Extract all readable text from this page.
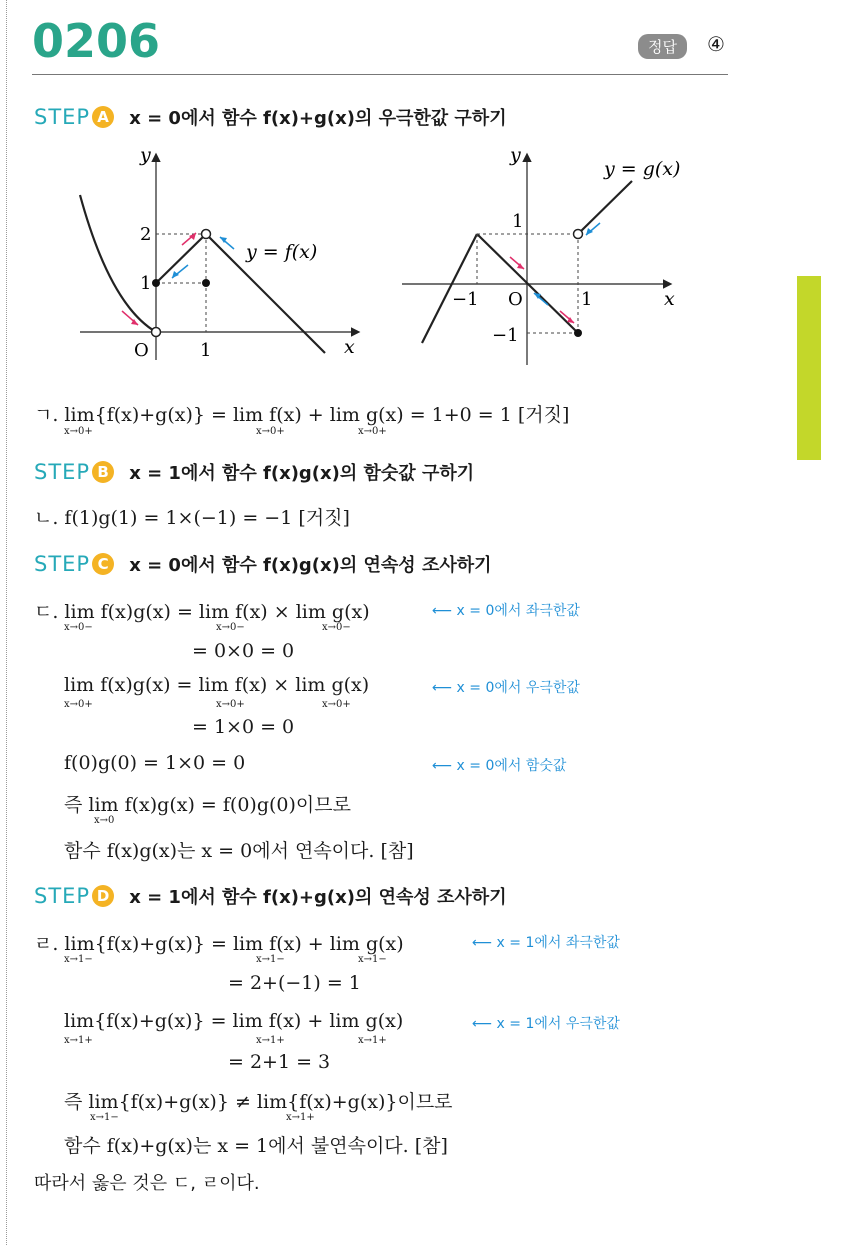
0206	정답	④
STEP A x = 0에서 함수 f(x)+g(x)의 우극한값 구하기
y
x
O
2
1
1
y = f(x)
y
x
O
1
−1
−1	1
y = g(x)
ㄱ. lim{f(x)+g(x)} = lim f(x) + lim g(x) = 1+0 = 1 [거짓]
x→0+	x→0+	x→0+
STEP B x = 1에서 함수 f(x)g(x)의 함숫값 구하기
ㄴ. f(1)g(1) = 1×(−1) = −1 [거짓]
STEP C x = 0에서 함수 f(x)g(x)의 연속성 조사하기
ㄷ. lim f(x)g(x) = lim f(x) × lim g(x)
x→0−	x→0−	x→0−
⟵ x = 0에서 좌극한값
= 0×0 = 0
lim f(x)g(x) = lim f(x) × lim g(x)
x→0+	x→0+	x→0+
⟵ x = 0에서 우극한값
= 1×0 = 0
f(0)g(0) = 1×0 = 0	⟵ x = 0에서 함숫값
즉 lim f(x)g(x) = f(0)g(0)이므로
x→0
함수 f(x)g(x)는 x = 0에서 연속이다. [참]
STEP D x = 1에서 함수 f(x)+g(x)의 연속성 조사하기
ㄹ. lim{f(x)+g(x)} = lim f(x) + lim g(x)
x→1−	x→1−	x→1−
⟵ x = 1에서 좌극한값
= 2+(−1) = 1
lim{f(x)+g(x)} = lim f(x) + lim g(x)
x→1+	x→1+	x→1+
⟵ x = 1에서 우극한값
= 2+1 = 3
즉 lim{f(x)+g(x)} ≠ lim{f(x)+g(x)}이므로
x→1−	x→1+
함수 f(x)+g(x)는 x = 1에서 불연속이다. [참]
따라서 옳은 것은 ㄷ, ㄹ이다.
